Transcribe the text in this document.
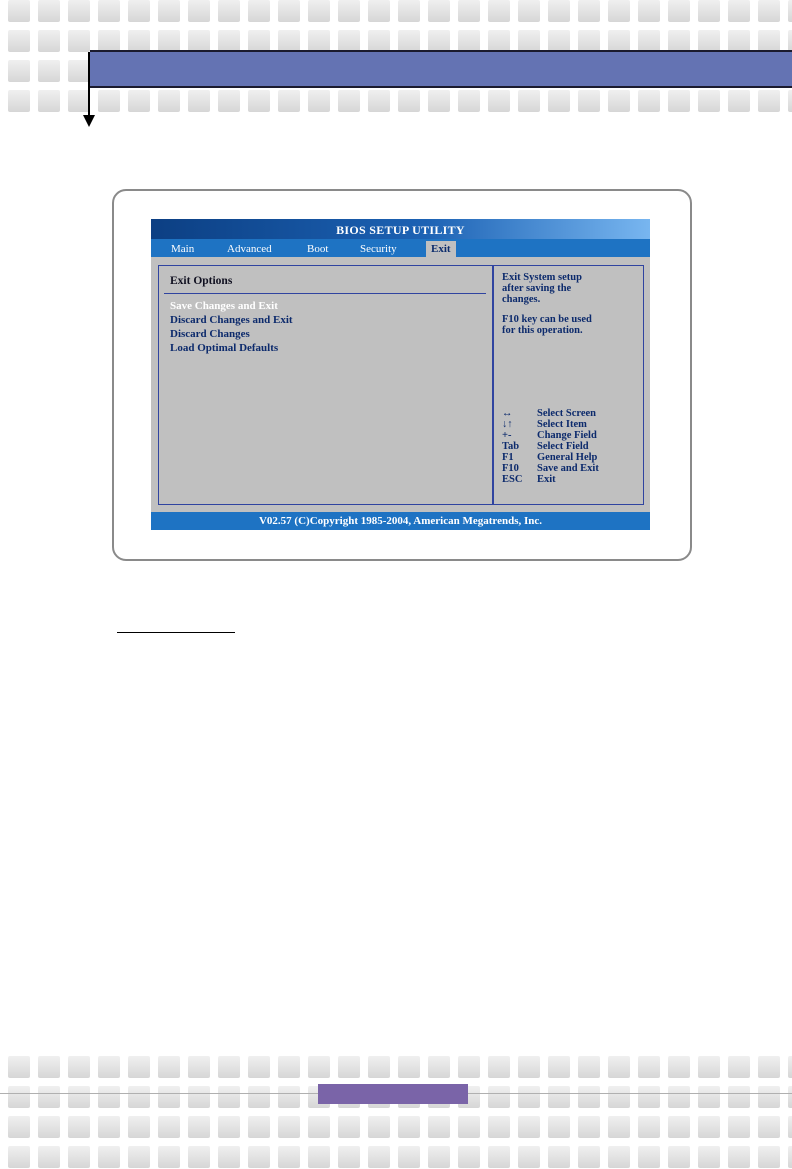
BIOS SETUP UTILITY
Main	Advanced	Boot	Security	Exit
Exit Options
Save Changes and Exit
Discard Changes and Exit
Discard Changes
Load Optimal Defaults
Exit System setup
after saving the
changes.
F10 key can be used
for this operation.
↔ Select Screen
↓↑ Select Item
+- Change Field
Tab Select Field
F1 General Help
F10 Save and Exit
ESC Exit
V02.57 (C)Copyright 1985-2004, American Megatrends, Inc.
